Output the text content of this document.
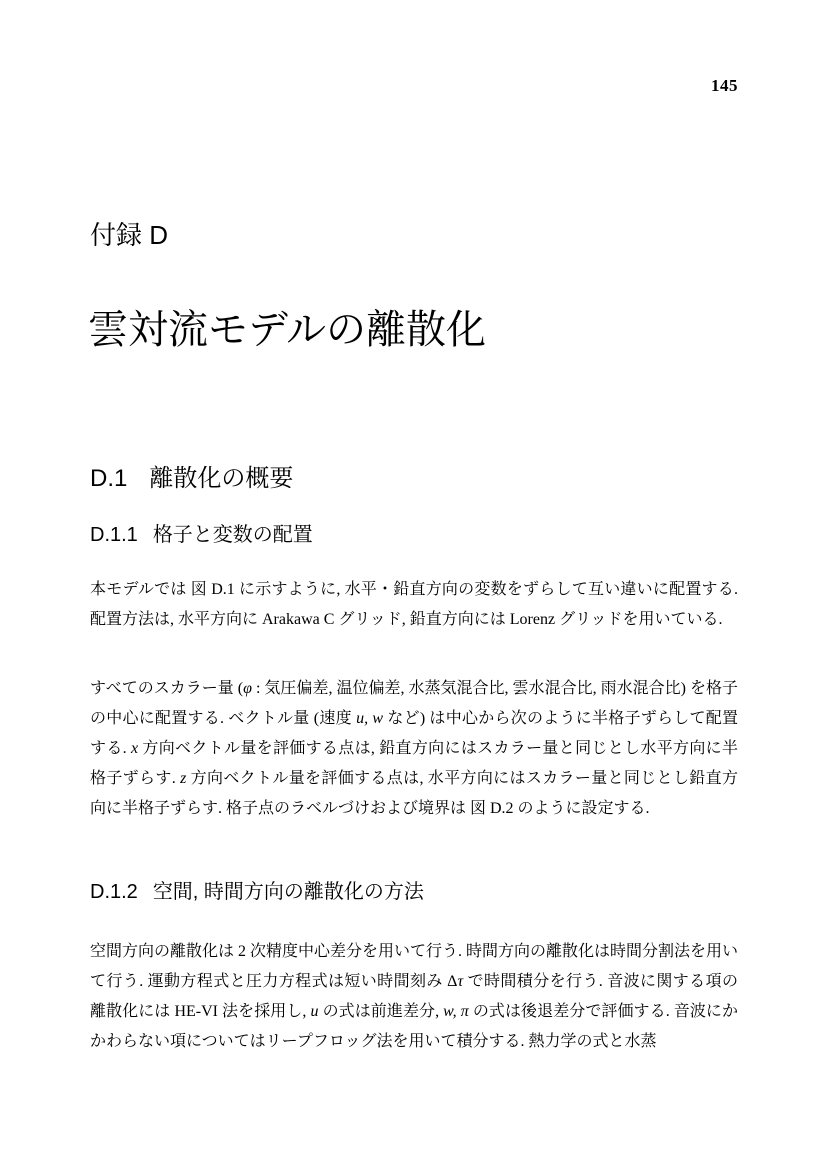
145
付録 D
雲対流モデルの離散化
D.1 離散化の概要
D.1.1 格子と変数の配置
本モデルでは 図 D.1 に示すように, 水平・鉛直方向の変数をずらして互い違いに配置する. 配置方法は, 水平方向に Arakawa C グリッド, 鉛直方向には Lorenz グリッドを用いている.
すべてのスカラー量 (φ : 気圧偏差, 温位偏差, 水蒸気混合比, 雲水混合比, 雨水混合比) を格子の中心に配置する. ベクトル量 (速度 u, w など) は中心から次のように半格子ずらして配置する. x 方向ベクトル量を評価する点は, 鉛直方向にはスカラー量と同じとし水平方向に半格子ずらす. z 方向ベクトル量を評価する点は, 水平方向にはスカラー量と同じとし鉛直方向に半格子ずらす. 格子点のラベルづけおよび境界は 図 D.2 のように設定する.
D.1.2 空間, 時間方向の離散化の方法
空間方向の離散化は 2 次精度中心差分を用いて行う. 時間方向の離散化は時間分割法を用いて行う. 運動方程式と圧力方程式は短い時間刻み Δτ で時間積分を行う. 音波に関する項の離散化には HE-VI 法を採用し, u の式は前進差分, w, π の式は後退差分で評価する. 音波にかかわらない項についてはリープフロッグ法を用いて積分する. 熱力学の式と水蒸
